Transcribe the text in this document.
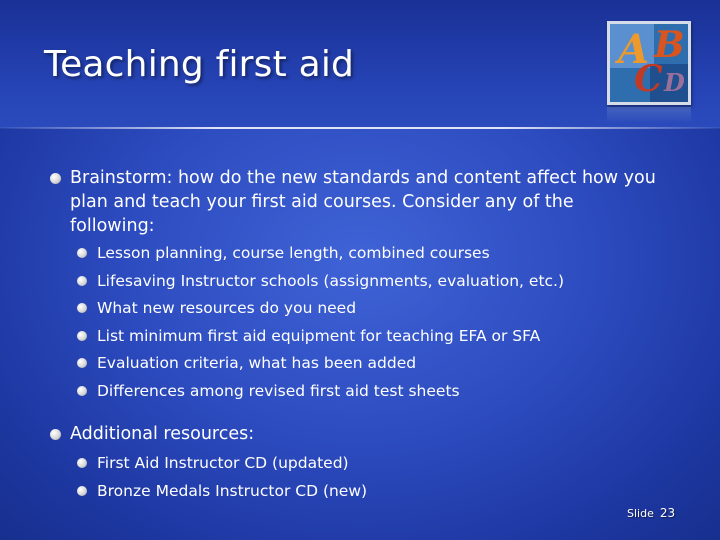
Teaching first aid	A B
C D
Brainstorm: how do the new standards and content affect how you plan and teach your first aid courses. Consider any of the following:
Lesson planning, course length, combined courses
Lifesaving Instructor schools (assignments, evaluation, etc.)
What new resources do you need
List minimum first aid equipment for teaching EFA or SFA
Evaluation criteria, what has been added
Differences among revised first aid test sheets
Additional resources:
First Aid Instructor CD (updated)
Bronze Medals Instructor CD (new)
Slide 23
